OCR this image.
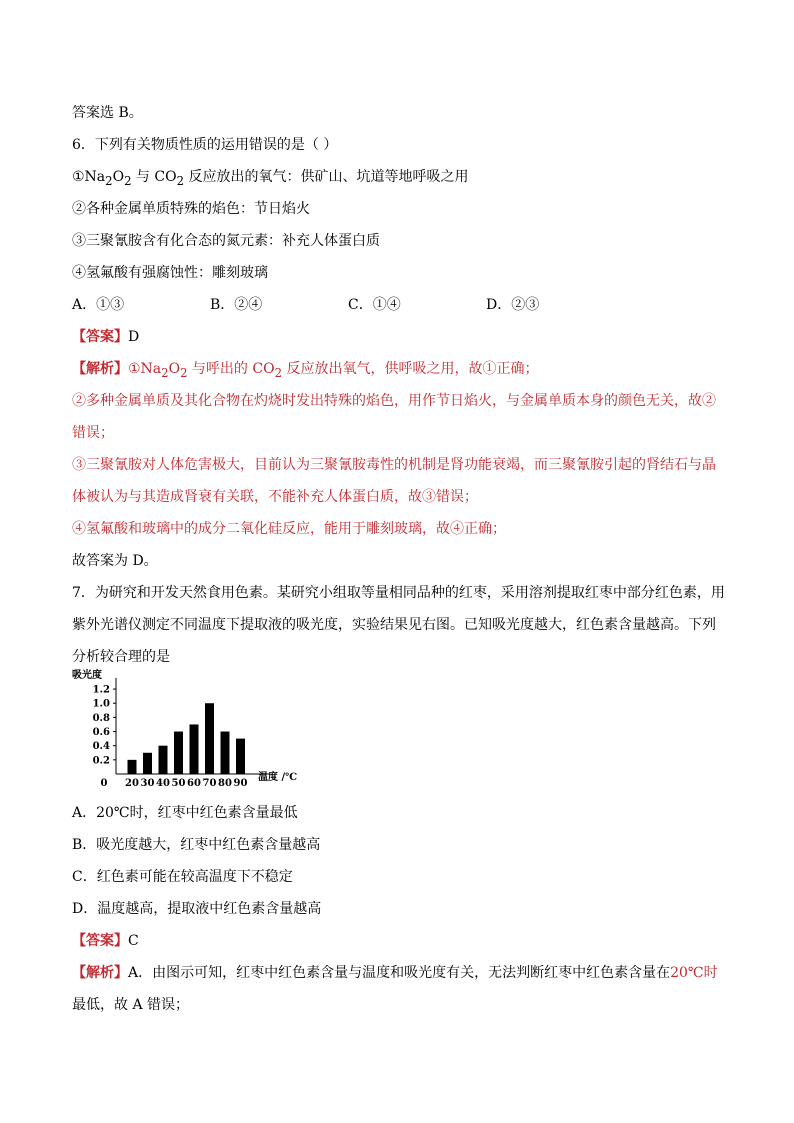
答案选 B。
6．下列有关物质性质的运用错误的是（ ）
$①Na_2O_2$ 与 $CO_2$ 反应放出的氧气：供矿山、坑道等地呼吸之用
②各种金属单质特殊的焰色：节日焰火
③三聚氰胺含有化合态的氮元素：补充人体蛋白质
④氢氟酸有强腐蚀性：雕刻玻璃
A．①③	B．②④	C．①④	D．②③
【答案】D
【解析】$①Na_2O_2$ 与呼出的 $CO_2$ 反应放出氧气，供呼吸之用，故①正确；
②多种金属单质及其化合物在灼烧时发出特殊的焰色，用作节日焰火，与金属单质本身的颜色无关，故②
错误；
③三聚氰胺对人体危害极大，目前认为三聚氰胺毒性的机制是肾功能衰竭，而三聚氰胺引起的肾结石与晶
体被认为与其造成肾衰有关联，不能补充人体蛋白质，故③错误；
④氢氟酸和玻璃中的成分二氧化硅反应，能用于雕刻玻璃，故④正确；
故答案为 D。
7．为研究和开发天然食用色素。某研究小组取等量相同品种的红枣，采用溶剂提取红枣中部分红色素，用
紫外光谱仪测定不同温度下提取液的吸光度，实验结果见右图。已知吸光度越大，红色素含量越高。下列
分析较合理的是
吸光度
0.2
0.4
0.6
0.8
1.0
1.2
0 20 30 40 50 60 70 80 90
温度 /℃
A．20℃时，红枣中红色素含量最低
B．吸光度越大，红枣中红色素含量越高
C．红色素可能在较高温度下不稳定
D．温度越高，提取液中红色素含量越高
【答案】C
【解析】A．由图示可知，红枣中红色素含量与温度和吸光度有关，无法判断红枣中红色素含量在20℃时
最低，故 A 错误；
